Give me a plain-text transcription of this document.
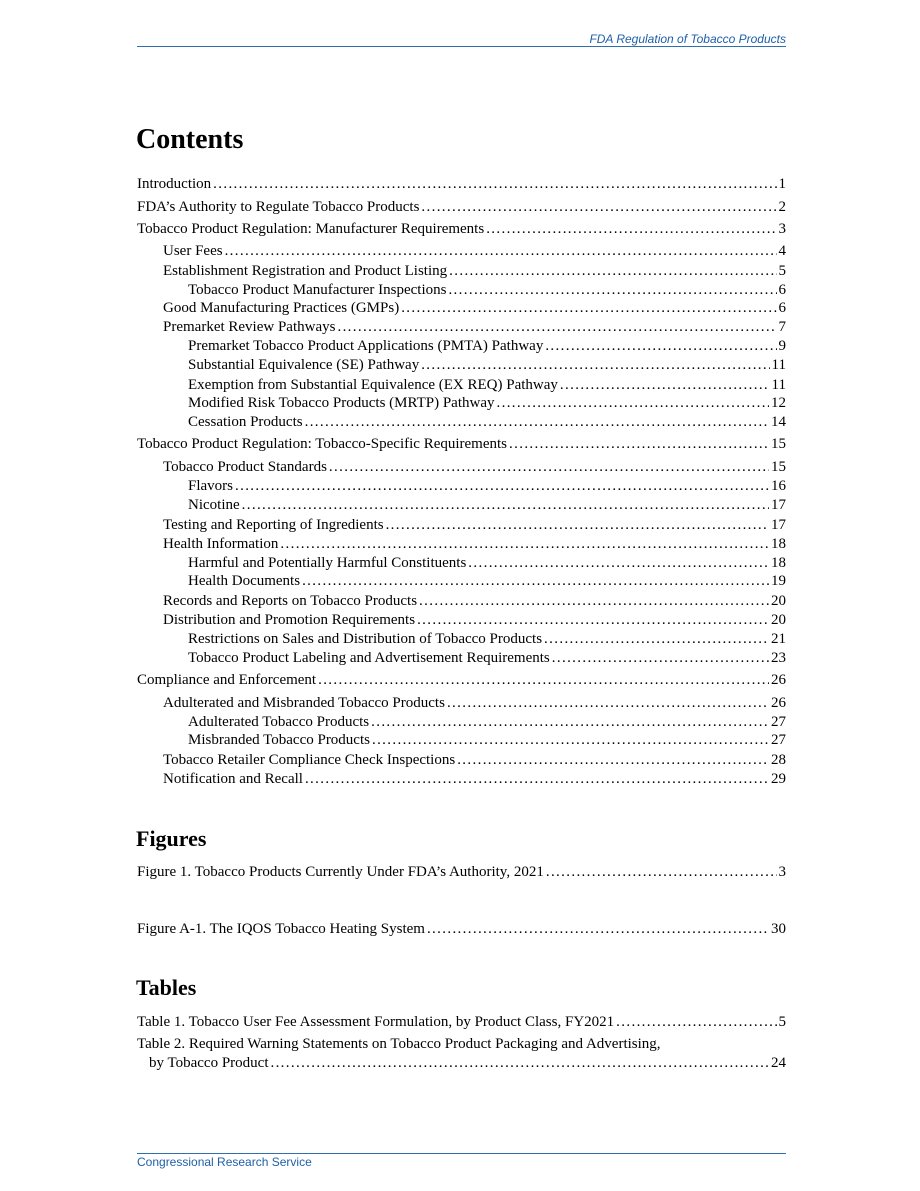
FDA Regulation of Tobacco Products
Contents
Introduction . . .	1
FDA’s Authority to Regulate Tobacco Products . . .	2
Tobacco Product Regulation: Manufacturer Requirements . . .	3
User Fees . . .	4
Establishment Registration and Product Listing . . .	5
Tobacco Product Manufacturer Inspections . . .	6
Good Manufacturing Practices (GMPs) . . .	6
Premarket Review Pathways . . .	7
Premarket Tobacco Product Applications (PMTA) Pathway . . .	9
Substantial Equivalence (SE) Pathway . . .	11
Exemption from Substantial Equivalence (EX REQ) Pathway . . .	11
Modified Risk Tobacco Products (MRTP) Pathway . . .	12
Cessation Products . . .	14
Tobacco Product Regulation: Tobacco-Specific Requirements . . .	15
Tobacco Product Standards . . .	15
Flavors . . .	16
Nicotine . . .	17
Testing and Reporting of Ingredients . . .	17
Health Information . . .	18
Harmful and Potentially Harmful Constituents . . .	18
Health Documents . . .	19
Records and Reports on Tobacco Products . . .	20
Distribution and Promotion Requirements . . .	20
Restrictions on Sales and Distribution of Tobacco Products . . .	21
Tobacco Product Labeling and Advertisement Requirements . . .	23
Compliance and Enforcement . . .	26
Adulterated and Misbranded Tobacco Products . . .	26
Adulterated Tobacco Products . . .	27
Misbranded Tobacco Products . . .	27
Tobacco Retailer Compliance Check Inspections . . .	28
Notification and Recall . . .	29
Figures
Figure 1. Tobacco Products Currently Under FDA’s Authority, 2021 . . .	3
Figure A-1. The IQOS Tobacco Heating System . . .	30
Tables
Table 1. Tobacco User Fee Assessment Formulation, by Product Class, FY2021 . . .	5
Table 2. Required Warning Statements on Tobacco Product Packaging and Advertising,
by Tobacco Product . . .	24
Congressional Research Service
